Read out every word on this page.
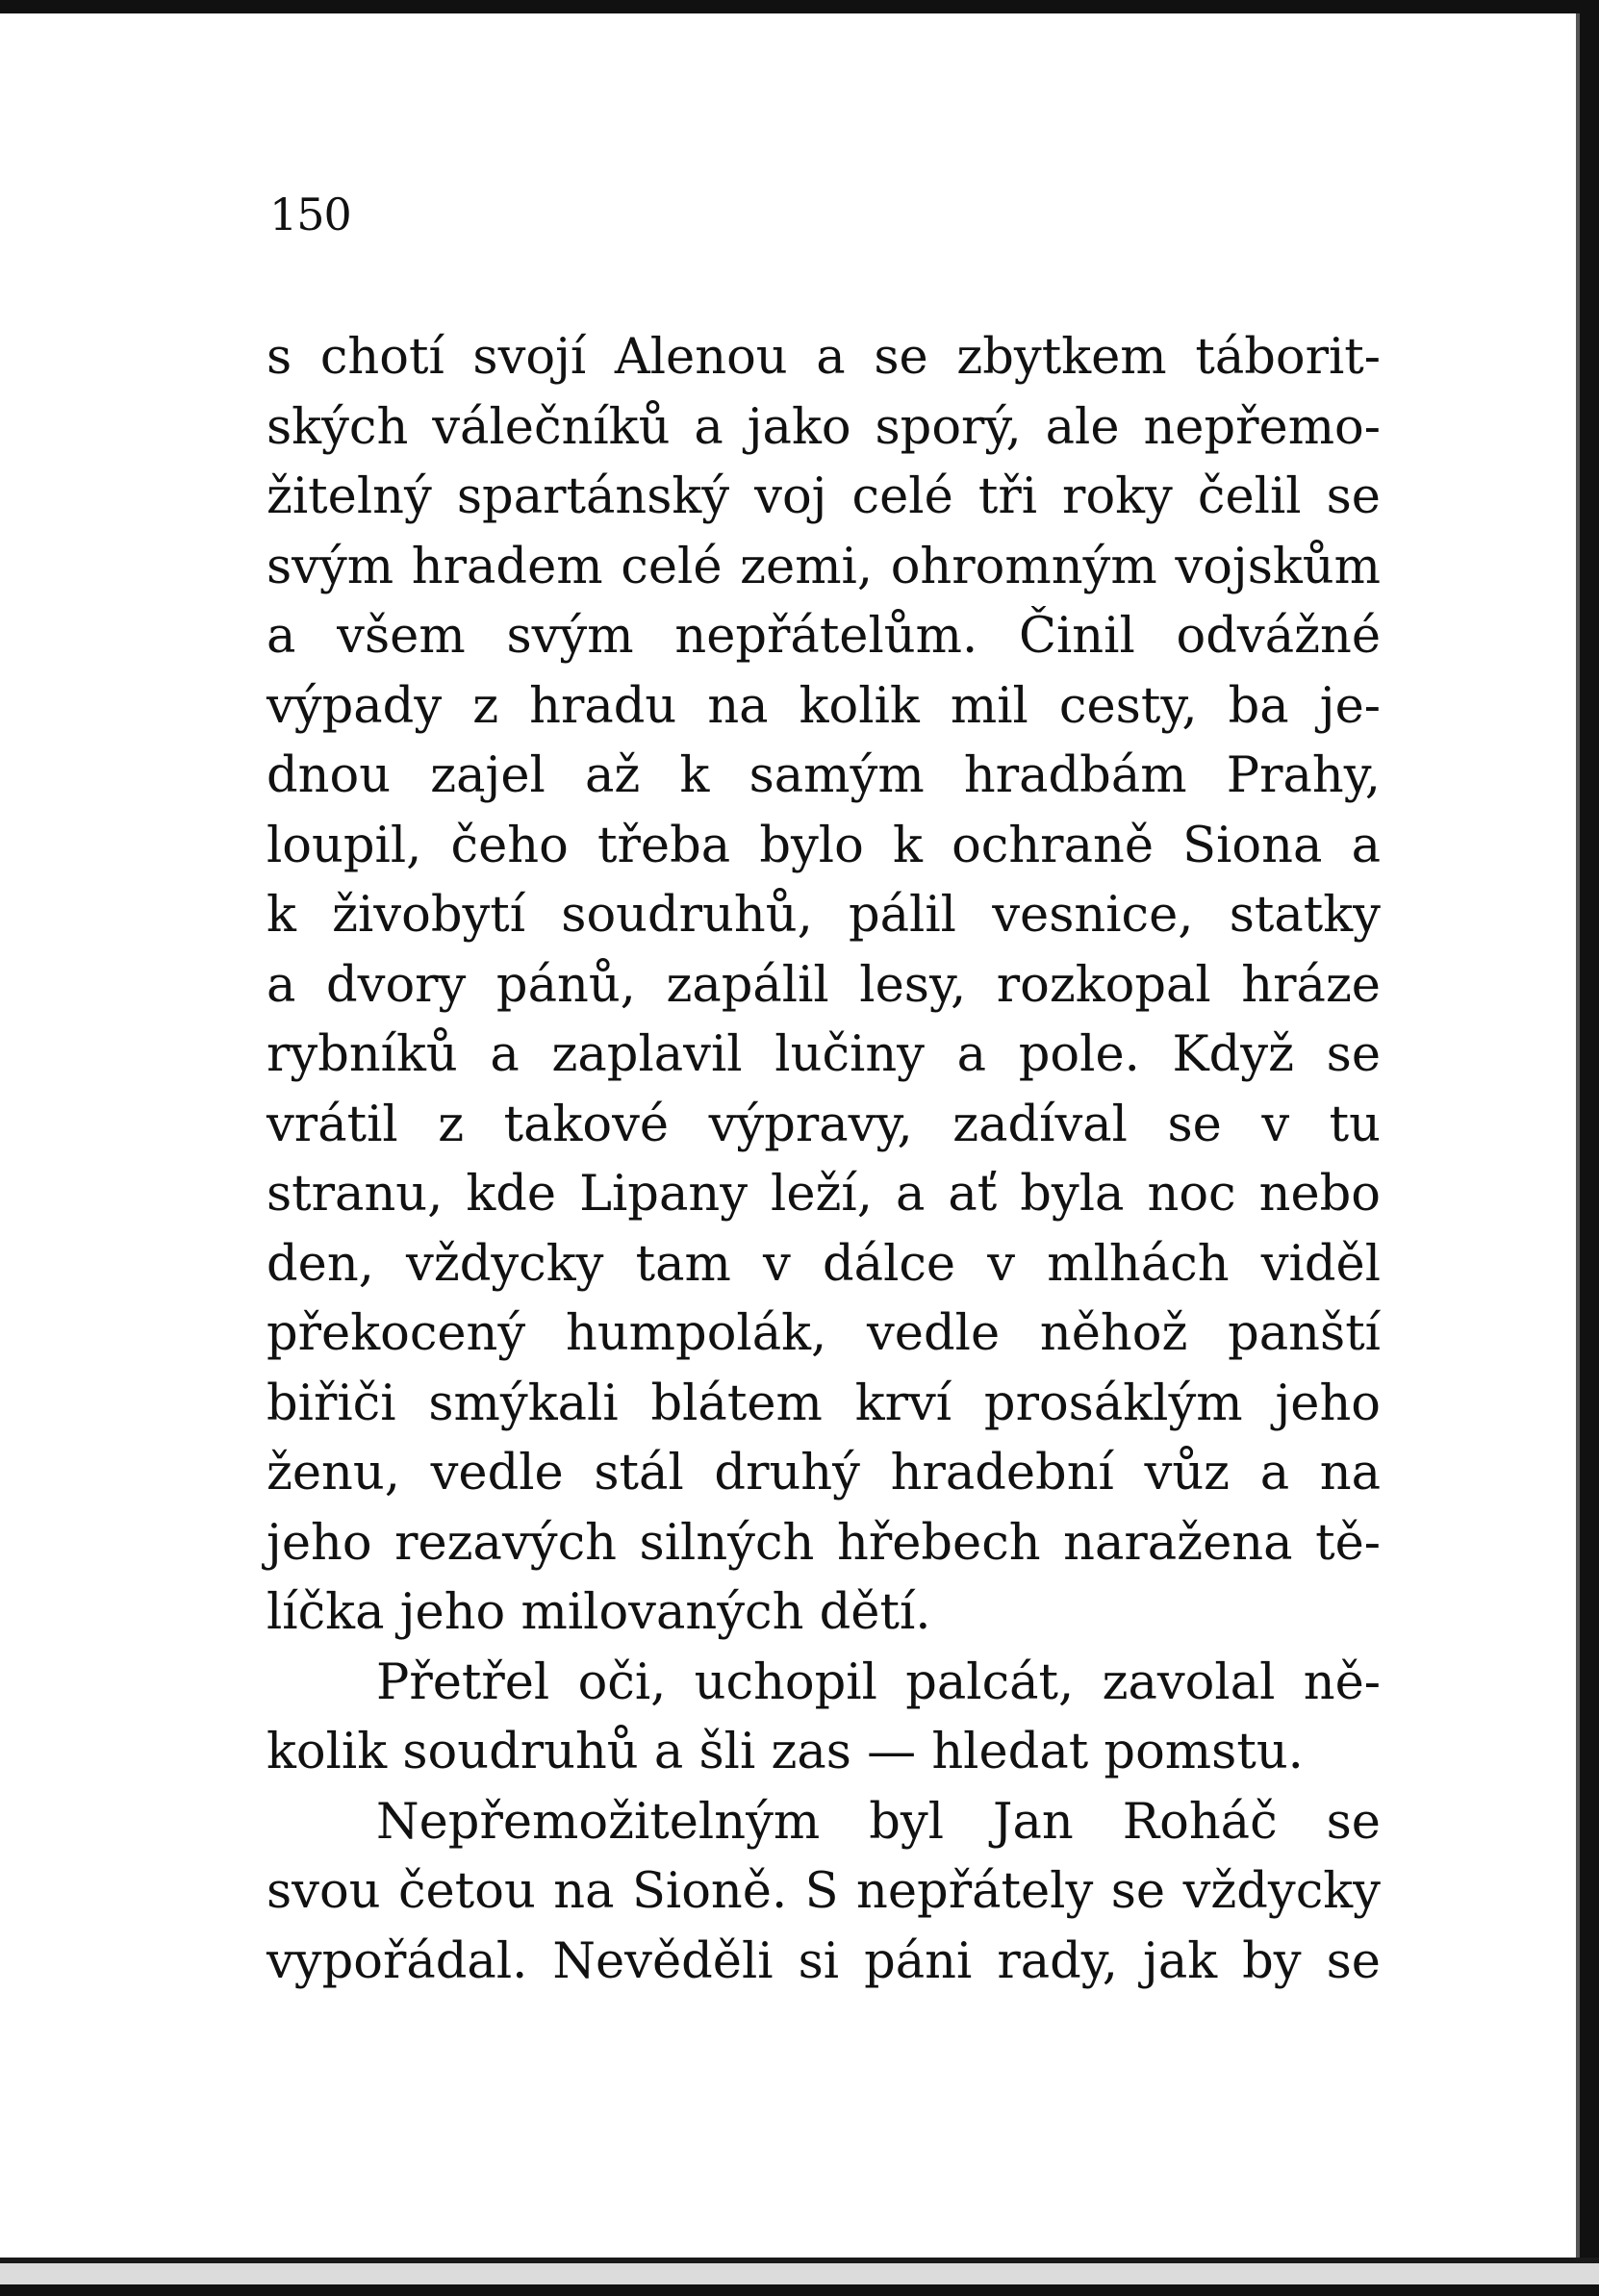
150
s chotí svojí Alenou a se zbytkem táborit-
ských válečníků a jako sporý, ale nepřemo-
žitelný spartánský voj celé tři roky čelil se
svým hradem celé zemi, ohromným vojskům
a všem svým nepřátelům. Činil odvážné
výpady z hradu na kolik mil cesty, ba je-
dnou zajel až k samým hradbám Prahy,
loupil, čeho třeba bylo k ochraně Siona a
k živobytí soudruhů, pálil vesnice, statky
a dvory pánů, zapálil lesy, rozkopal hráze
rybníků a zaplavil lučiny a pole. Když se
vrátil z takové výpravy, zadíval se v tu
stranu, kde Lipany leží, a ať byla noc nebo
den, vždycky tam v dálce v mlhách viděl
překocený humpolák, vedle něhož panští
biřiči smýkali blátem krví prosáklým jeho
ženu, vedle stál druhý hradební vůz a na
jeho rezavých silných hřebech naražena tě-
líčka jeho milovaných dětí.
Přetřel oči, uchopil palcát, zavolal ně-
kolik soudruhů a šli zas — hledat pomstu.
Nepřemožitelným byl Jan Roháč se
svou četou na Sioně. S nepřátely se vždycky
vypořádal. Nevěděli si páni rady, jak by se
